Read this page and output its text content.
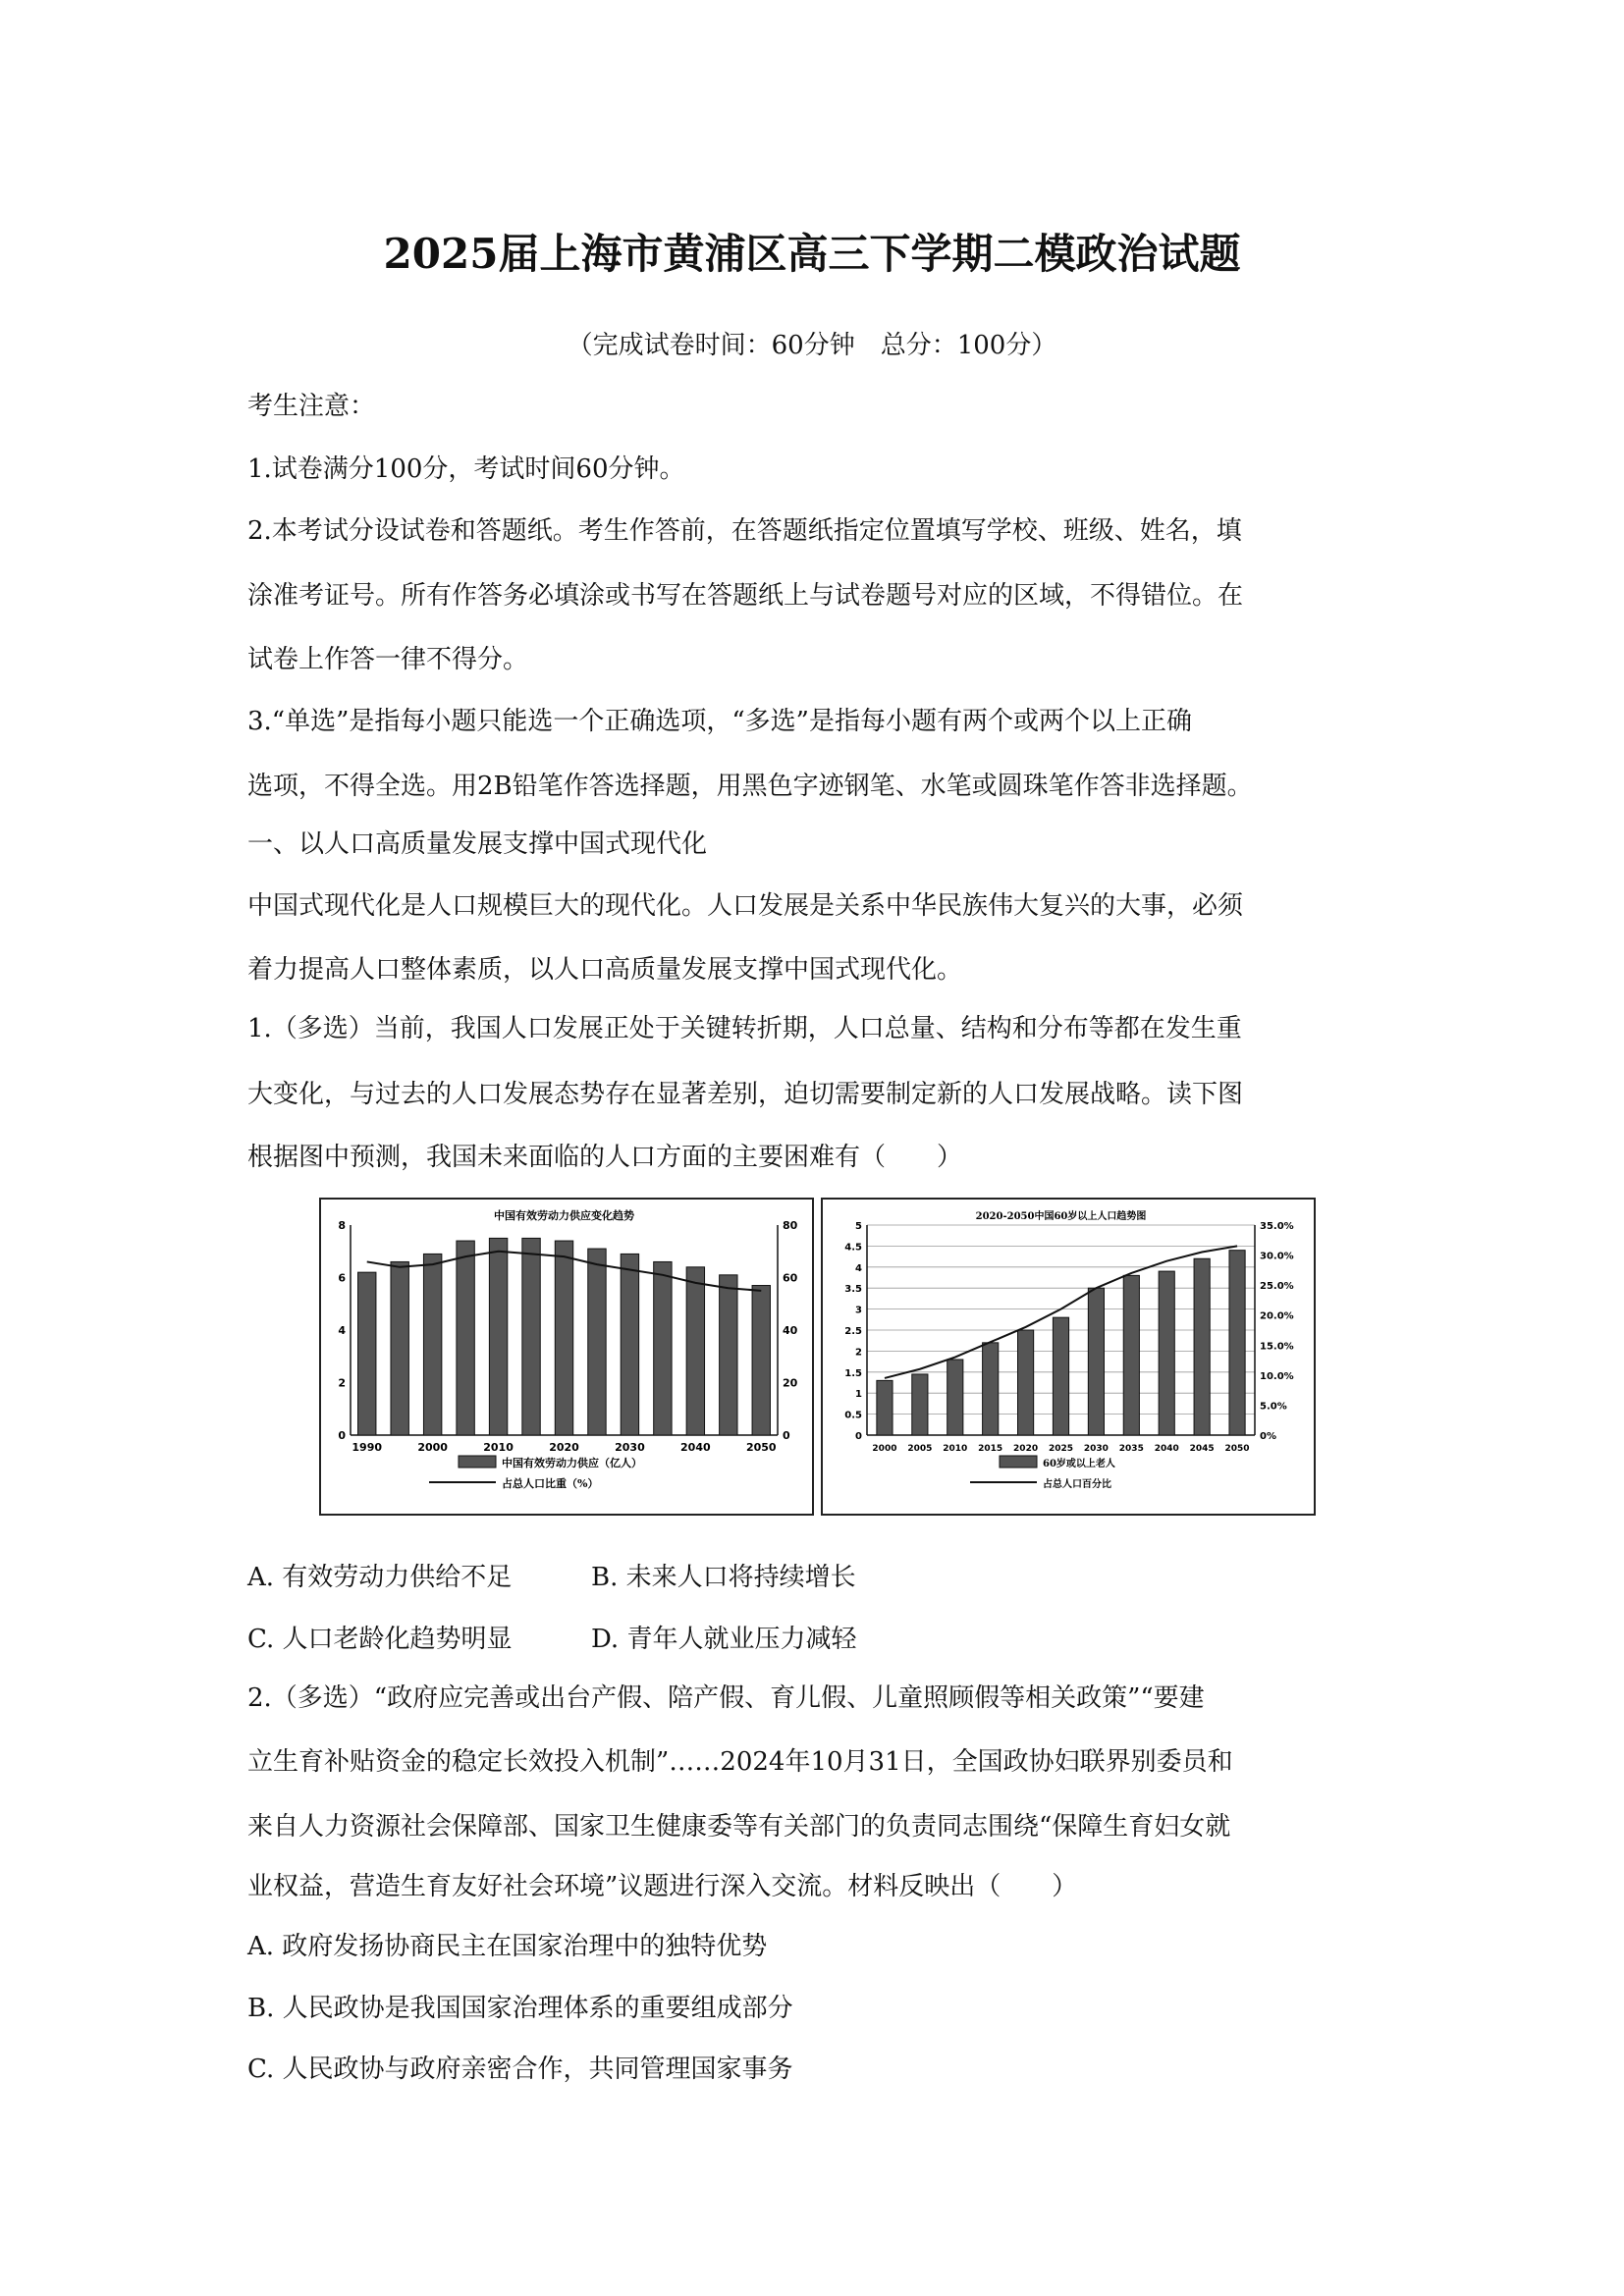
2025届上海市黄浦区高三下学期二模政治试题
（完成试卷时间：60分钟　总分：100分）
考生注意：
1.试卷满分100分，考试时间60分钟。
2.本考试分设试卷和答题纸。考生作答前，在答题纸指定位置填写学校、班级、姓名，填
涂准考证号。所有作答务必填涂或书写在答题纸上与试卷题号对应的区域，不得错位。在
试卷上作答一律不得分。
3.“单选”是指每小题只能选一个正确选项，“多选”是指每小题有两个或两个以上正确
选项，不得全选。用2B铅笔作答选择题，用黑色字迹钢笔、水笔或圆珠笔作答非选择题。
一、以人口高质量发展支撑中国式现代化
中国式现代化是人口规模巨大的现代化。人口发展是关系中华民族伟大复兴的大事，必须
着力提高人口整体素质，以人口高质量发展支撑中国式现代化。
1.（多选）当前，我国人口发展正处于关键转折期，人口总量、结构和分布等都在发生重
大变化，与过去的人口发展态势存在显著差别，迫切需要制定新的人口发展战略。读下图
根据图中预测，我国未来面临的人口方面的主要困难有（　　）
中国有效劳动力供应变化趋势
0
2
4
6
8
0
20
40
60
80
1990	2000	2010	2020	2030	2040	2050
中国有效劳动力供应（亿人）
占总人口比重（%）
2020-2050中国60岁以上人口趋势图
0
0.5
1
1.5
2
2.5
3
3.5
4
4.5
5
0%
5.0%
10.0%
15.0%
20.0%
25.0%
30.0%
35.0%
2000 2005 2010 2015 2020 2025 2030 2035 2040 2045 2050
60岁或以上老人
占总人口百分比
A. 有效劳动力供给不足	B. 未来人口将持续增长
C. 人口老龄化趋势明显	D. 青年人就业压力减轻
2.（多选）“政府应完善或出台产假、陪产假、育儿假、儿童照顾假等相关政策”“要建
立生育补贴资金的稳定长效投入机制”……2024年10月31日，全国政协妇联界别委员和
来自人力资源社会保障部、国家卫生健康委等有关部门的负责同志围绕“保障生育妇女就
业权益，营造生育友好社会环境”议题进行深入交流。材料反映出（　　）
A. 政府发扬协商民主在国家治理中的独特优势
B. 人民政协是我国国家治理体系的重要组成部分
C. 人民政协与政府亲密合作，共同管理国家事务
